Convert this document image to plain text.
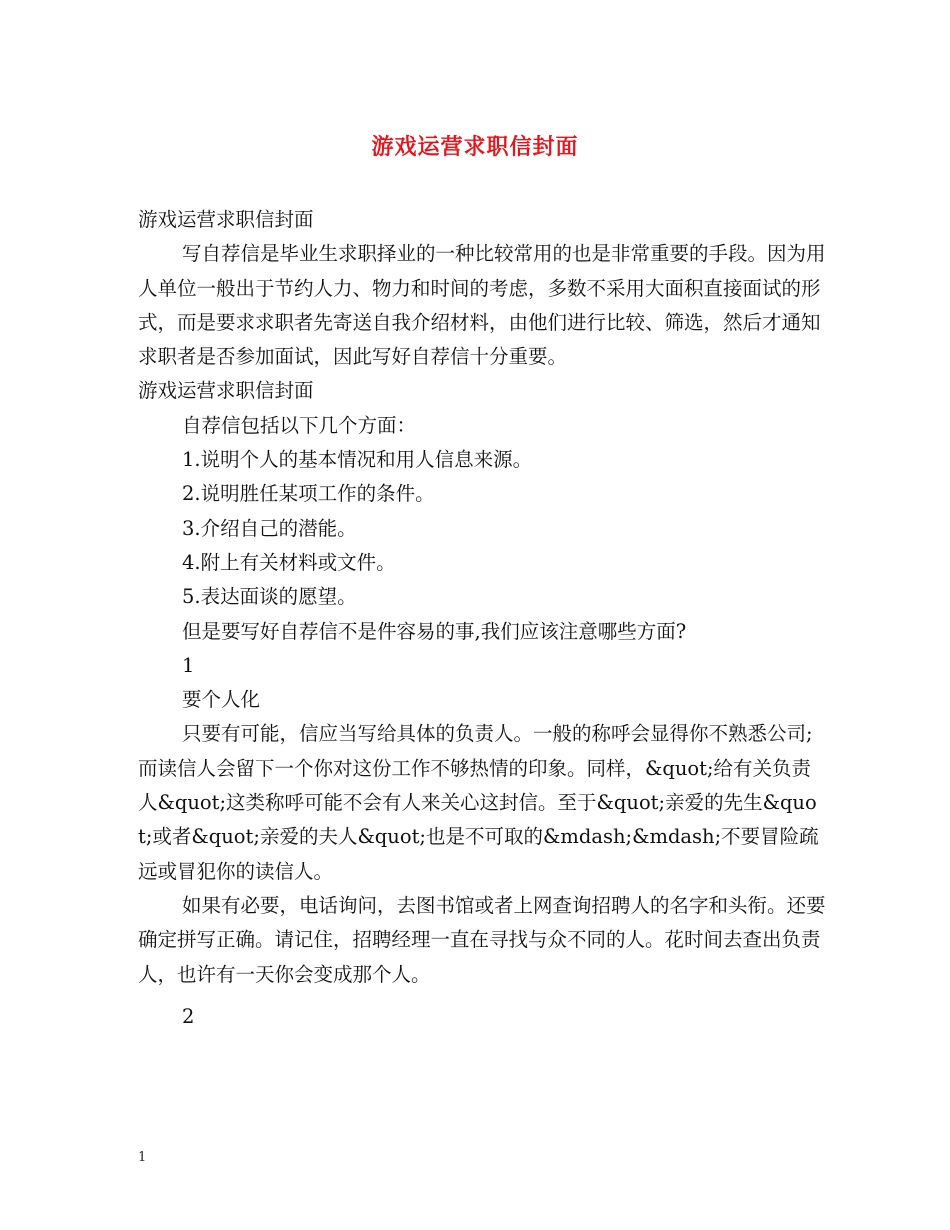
游戏运营求职信封面
游戏运营求职信封面
写自荐信是毕业生求职择业的一种比较常用的也是非常重要的手段。因为用人单位一般出于节约人力、物力和时间的考虑，多数不采用大面积直接面试的形式，而是要求求职者先寄送自我介绍材料，由他们进行比较、筛选，然后才通知求职者是否参加面试，因此写好自荐信十分重要。
游戏运营求职信封面
自荐信包括以下几个方面：
1.说明个人的基本情况和用人信息来源。
2.说明胜任某项工作的条件。
3.介绍自己的潜能。
4.附上有关材料或文件。
5.表达面谈的愿望。
但是要写好自荐信不是件容易的事,我们应该注意哪些方面?
1
要个人化
只要有可能，信应当写给具体的负责人。一般的称呼会显得你不熟悉公司;而读信人会留下一个你对这份工作不够热情的印象。同样，&quot;给有关负责人&quot;这类称呼可能不会有人来关心这封信。至于&quot;亲爱的先生&quot;或者&quot;亲爱的夫人&quot;也是不可取的&mdash;&mdash;不要冒险疏远或冒犯你的读信人。
如果有必要，电话询问，去图书馆或者上网查询招聘人的名字和头衔。还要确定拼写正确。请记住，招聘经理一直在寻找与众不同的人。花时间去查出负责人，也许有一天你会变成那个人。
2
1
